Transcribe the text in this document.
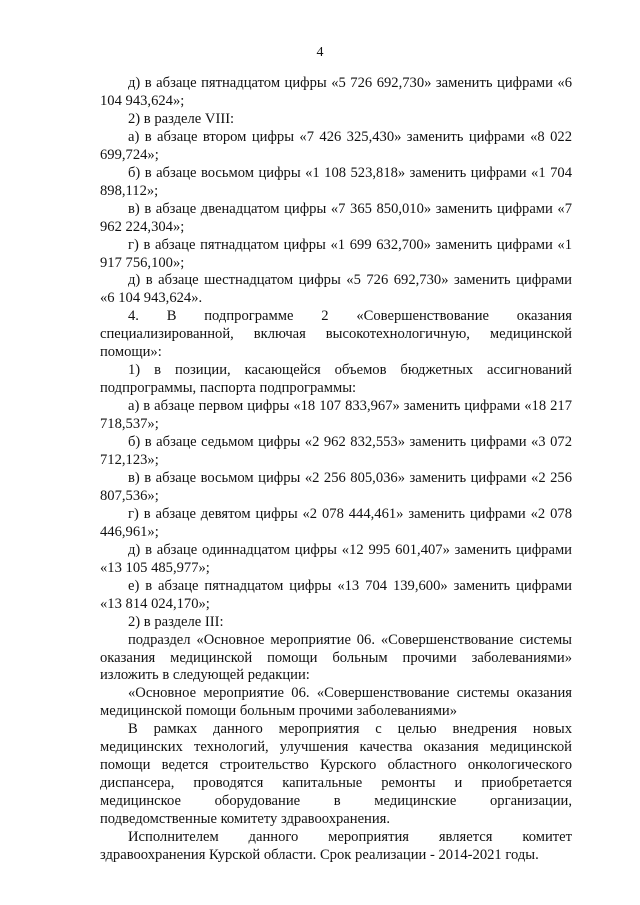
4

д) в абзаце пятнадцатом цифры «5 726 692,730» заменить цифрами «6 104 943,624»;

2) в разделе VIII:

а) в абзаце втором цифры «7 426 325,430» заменить цифрами «8 022 699,724»;

б) в абзаце восьмом цифры «1 108 523,818» заменить цифрами «1 704 898,112»;

в) в абзаце двенадцатом цифры «7 365 850,010» заменить цифрами «7 962 224,304»;

г) в абзаце пятнадцатом цифры «1 699 632,700» заменить цифрами «1 917 756,100»;

д) в абзаце шестнадцатом цифры «5 726 692,730» заменить цифрами «6 104 943,624».

4. В подпрограмме 2 «Совершенствование оказания специализированной, включая высокотехнологичную, медицинской помощи»:

1) в позиции, касающейся объемов бюджетных ассигнований подпрограммы, паспорта подпрограммы:

а) в абзаце первом цифры «18 107 833,967» заменить цифрами «18 217 718,537»;

б) в абзаце седьмом цифры «2 962 832,553» заменить цифрами «3 072 712,123»;

в) в абзаце восьмом цифры «2 256 805,036» заменить цифрами «2 256 807,536»;

г) в абзаце девятом цифры «2 078 444,461» заменить цифрами «2 078 446,961»;

д) в абзаце одиннадцатом цифры «12 995 601,407» заменить цифрами «13 105 485,977»;

е) в абзаце пятнадцатом цифры «13 704 139,600» заменить цифрами «13 814 024,170»;

2) в разделе III:

подраздел «Основное мероприятие 06. «Совершенствование системы оказания медицинской помощи больным прочими заболеваниями» изложить в следующей редакции:

«Основное мероприятие 06. «Совершенствование системы оказания медицинской помощи больным прочими заболеваниями»

В рамках данного мероприятия с целью внедрения новых медицинских технологий, улучшения качества оказания медицинской помощи ведется строительство Курского областного онкологического диспансера, проводятся капитальные ремонты и приобретается медицинское оборудование в медицинские организации, подведомственные комитету здравоохранения.

Исполнителем данного мероприятия является комитет здравоохранения Курской области. Срок реализации - 2014-2021 годы.
